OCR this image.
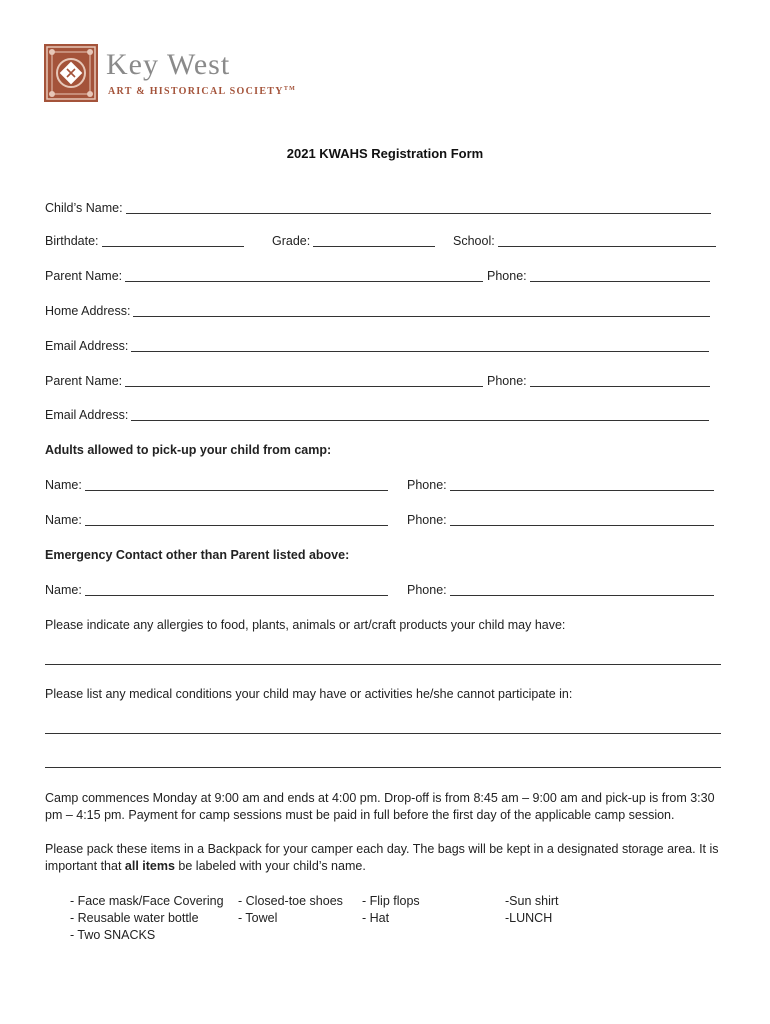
Key West
ART & HISTORICAL SOCIETY™
2021 KWAHS Registration Form
Child’s Name:
Birthdate:	Grade:	School:
Parent Name:	Phone:
Home Address:
Email Address:
Parent Name:	Phone:
Email Address:
Adults allowed to pick-up your child from camp:
Name:	Phone:
Name:	Phone:
Emergency Contact other than Parent listed above:
Name:	Phone:
Please indicate any allergies to food, plants, animals or art/craft products your child may have:
Please list any medical conditions your child may have or activities he/she cannot participate in:
Camp commences Monday at 9:00 am and ends at 4:00 pm. Drop-off is from 8:45 am – 9:00 am and pick-up is from 3:30 pm – 4:15 pm. Payment for camp sessions must be paid in full before the first day of the applicable camp session.
Please pack these items in a Backpack for your camper each day. The bags will be kept in a designated storage area. It is important that all items be labeled with your child’s name.
- Face mask/Face Covering
- Reusable water bottle
- Two SNACKS
- Closed-toe shoes
- Towel
- Flip flops
- Hat
-Sun shirt
-LUNCH
